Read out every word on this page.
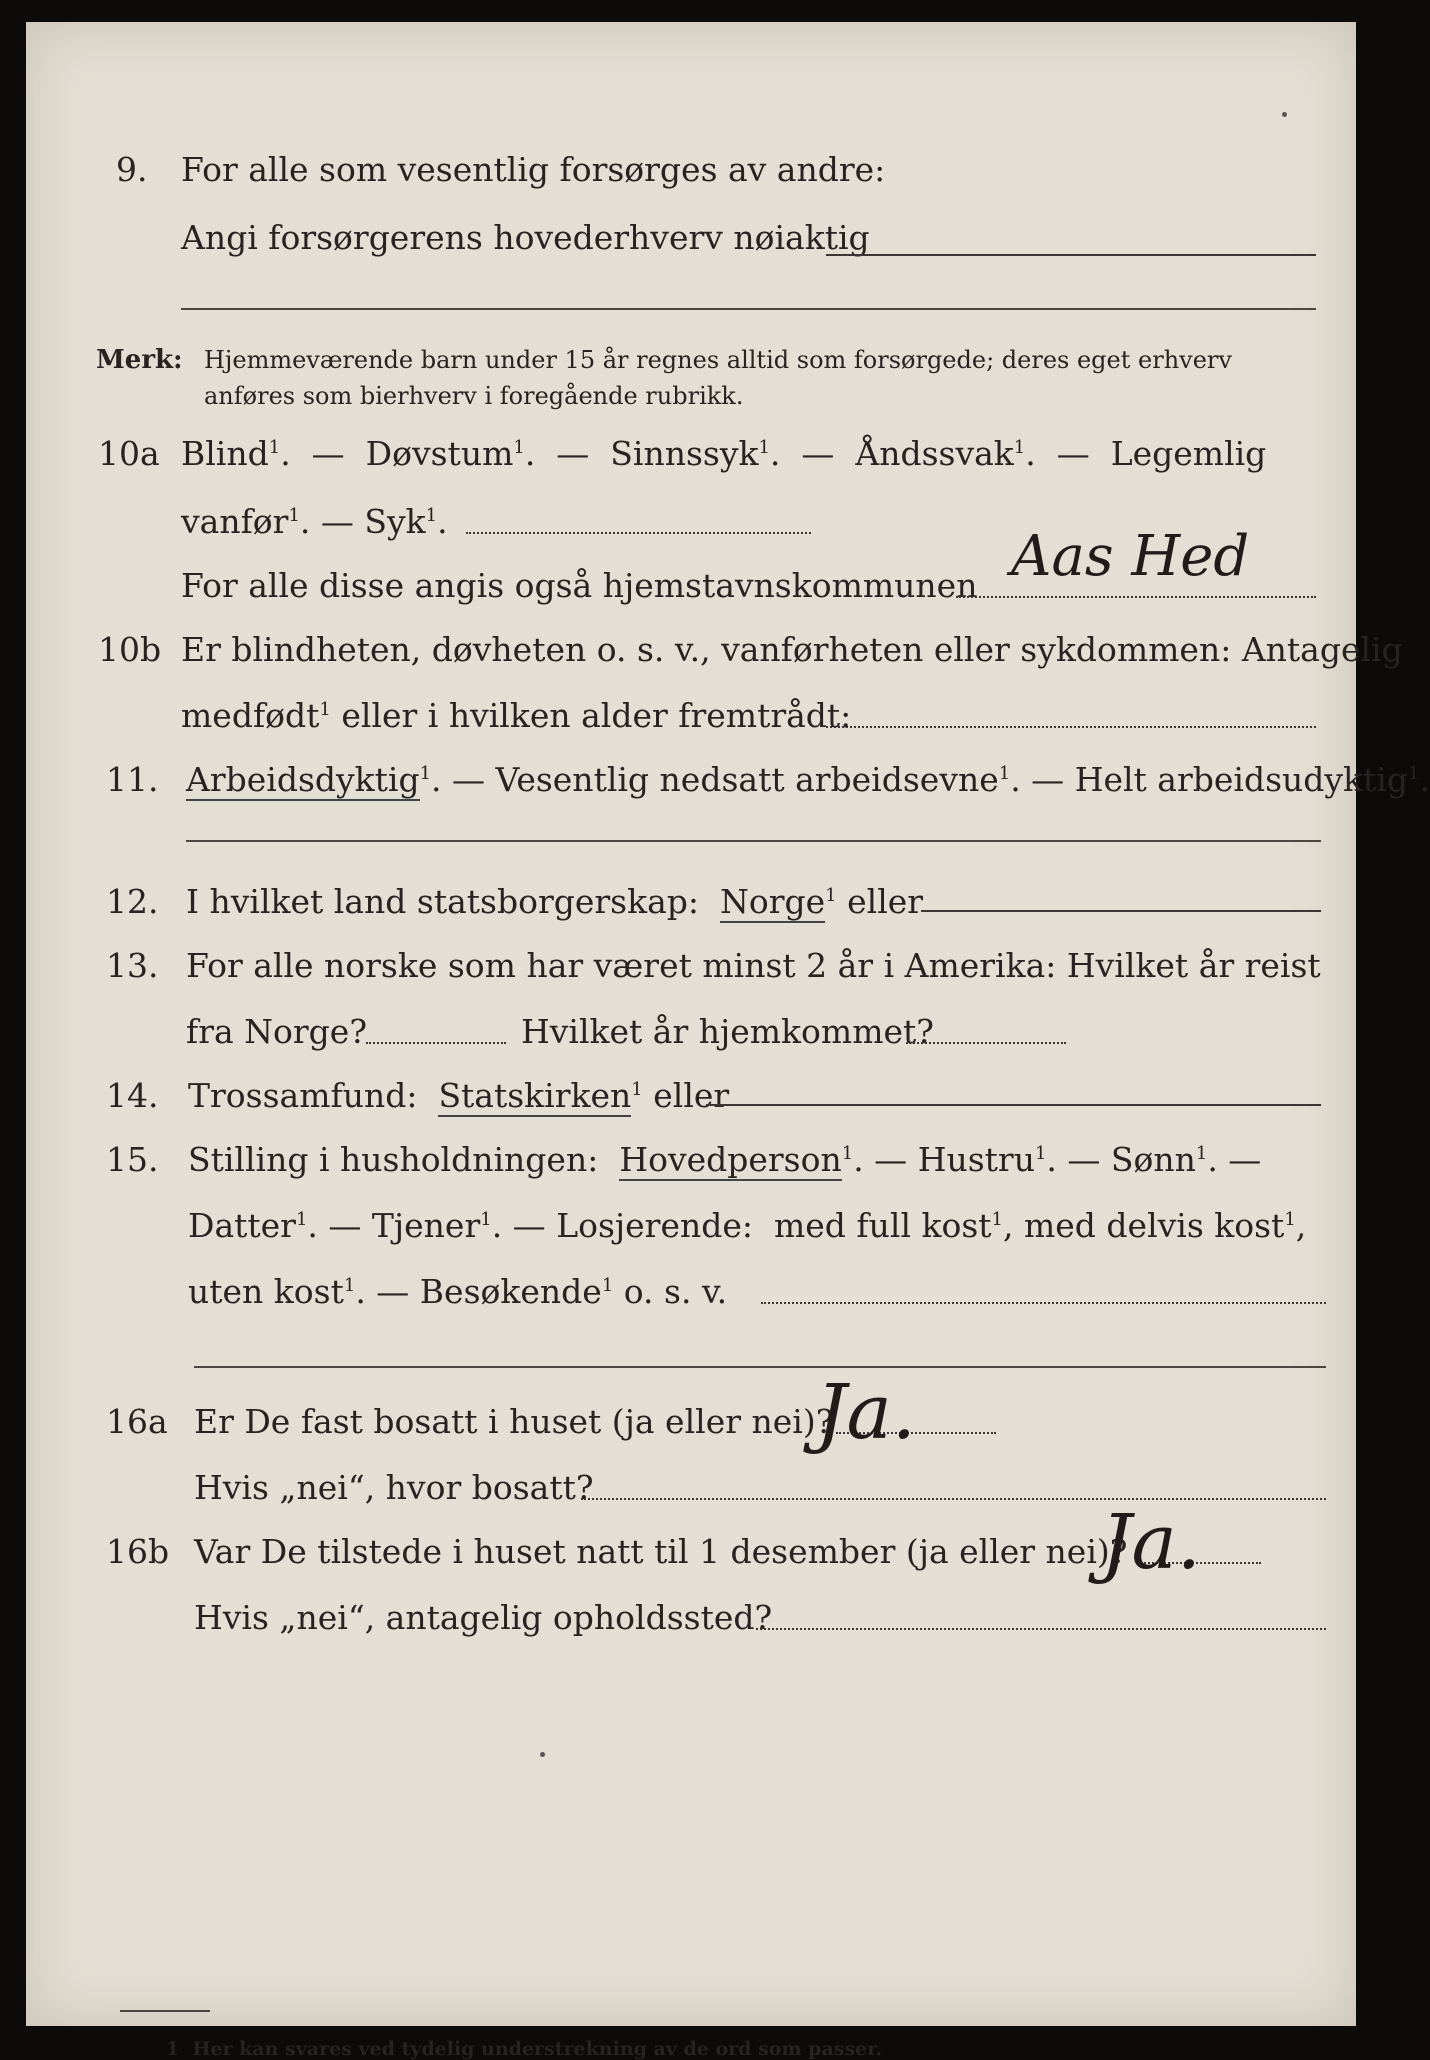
9. For alle som vesentlig forsørges av andre:
Angi forsørgerens hovederhverv nøiaktig
Merk: Hjemmeværende barn under 15 år regnes alltid som forsørgede; deres eget erhverv
anføres som bierhverv i foregående rubrikk.
10a Blind$^1$.  —  Døvstum$^1$.  —  Sinnssyk$^1$.  —  Åndssvak$^1$.  —  Legemlig
vanfør$^1$. — Syk$^1$.
For alle disse angis også hjemstavnskommunen Aas Hed
10b Er blindheten, døvheten o. s. v., vanførheten eller sykdommen: Antagelig
medfødt$^1$ eller i hvilken alder fremtrådt:
11. Arbeidsdyktig$^1$. — Vesentlig nedsatt arbeidsevne$^1$. — Helt arbeidsudyktig$^1$.
12. I hvilket land statsborgerskap: Norge$^1$ eller
13. For alle norske som har været minst 2 år i Amerika: Hvilket år reist
fra Norge?	Hvilket år hjemkommet?
14. Trossamfund: Statskirken$^1$ eller
15. Stilling i husholdningen: Hovedperson$^1$. — Hustru$^1$. — Sønn$^1$. —
Datter$^1$. — Tjener$^1$. — Losjerende: med full kost$^1$, med delvis kost$^1$,
uten kost$^1$. — Besøkende$^1$ o. s. v.
16a Er De fast bosatt i huset (ja eller nei)?
Ja.
Hvis „nei“, hvor bosatt?
16b Var De tilstede i huset natt til 1 desember (ja eller nei)?
Ja.
Hvis „nei“, antagelig opholdssted?
1 Her kan svares ved tydelig understrekning av de ord som passer.
